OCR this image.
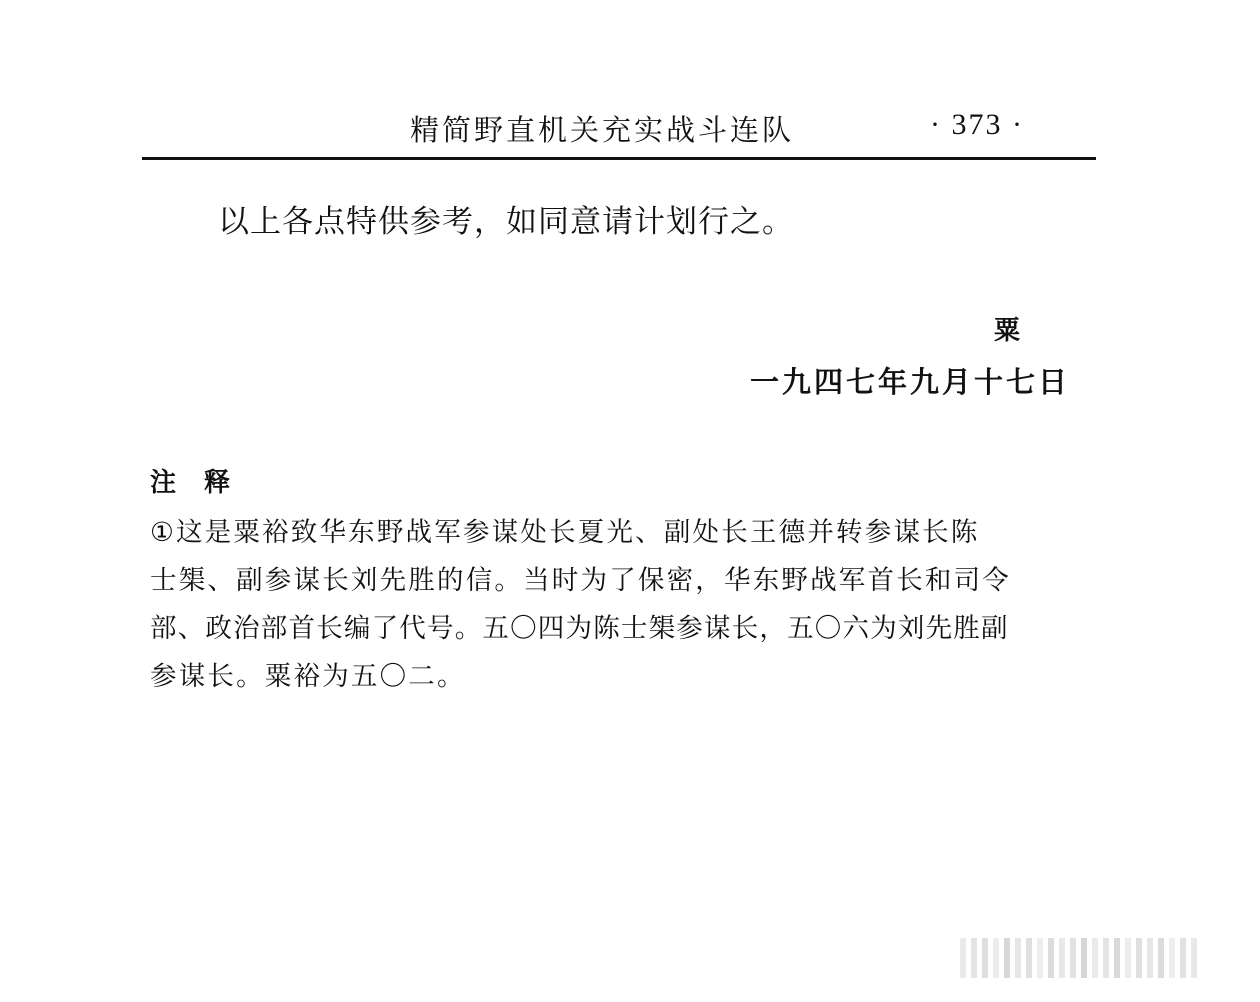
精简野直机关充实战斗连队	· 373 ·
以上各点特供参考，如同意请计划行之。
粟
一九四七年九月十七日
注　释
①这是粟裕致华东野战军参谋处长夏光、副处长王德并转参谋长陈
士榘、副参谋长刘先胜的信。当时为了保密，华东野战军首长和司令
部、政治部首长编了代号。五〇四为陈士榘参谋长，五〇六为刘先胜副
参谋长。粟裕为五〇二。
